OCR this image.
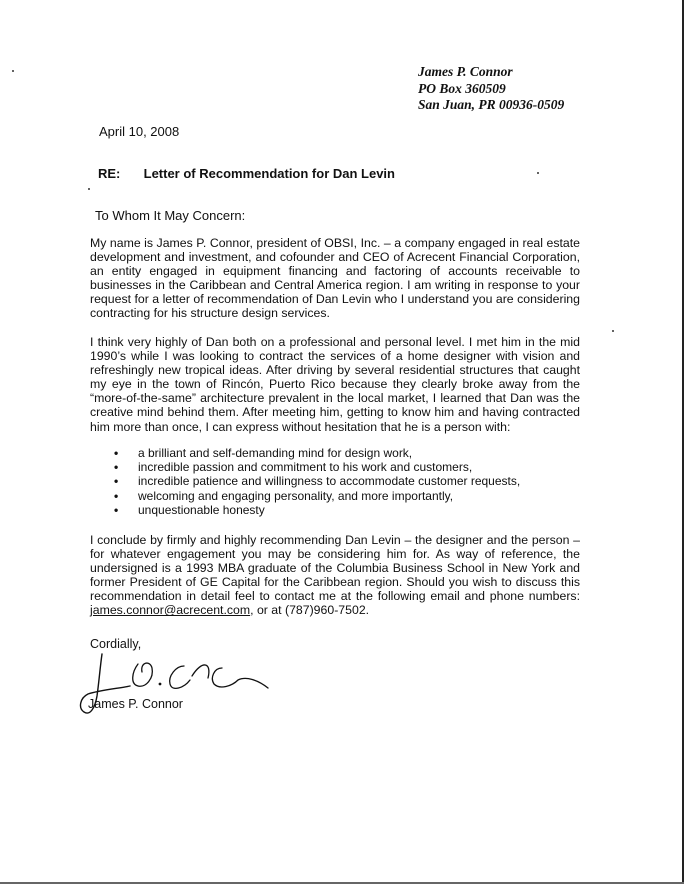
James P. Connor
PO Box 360509
San Juan, PR 00936-0509
April 10, 2008
RE: Letter of Recommendation for Dan Levin
To Whom It May Concern:
My name is James P. Connor, president of OBSI, Inc. – a company engaged in real estate development and investment, and cofounder and CEO of Acrecent Financial Corporation, an entity engaged in equipment financing and factoring of accounts receivable to businesses in the Caribbean and Central America region. I am writing in response to your request for a letter of recommendation of Dan Levin who I understand you are considering contracting for his structure design services.
I think very highly of Dan both on a professional and personal level. I met him in the mid 1990’s while I was looking to contract the services of a home designer with vision and refreshingly new tropical ideas. After driving by several residential structures that caught my eye in the town of Rincón, Puerto Rico because they clearly broke away from the “more-of-the-same” architecture prevalent in the local market, I learned that Dan was the creative mind behind them. After meeting him, getting to know him and having contracted him more than once, I can express without hesitation that he is a person with:
• a brilliant and self-demanding mind for design work,
• incredible passion and commitment to his work and customers,
• incredible patience and willingness to accommodate customer requests,
• welcoming and engaging personality, and more importantly,
• unquestionable honesty
I conclude by firmly and highly recommending Dan Levin – the designer and the person – for whatever engagement you may be considering him for. As way of reference, the undersigned is a 1993 MBA graduate of the Columbia Business School in New York and former President of GE Capital for the Caribbean region. Should you wish to discuss this recommendation in detail feel to contact me at the following email and phone numbers: james.connor@acrecent.com, or at (787)960-7502.
Cordially,
James P. Connor
